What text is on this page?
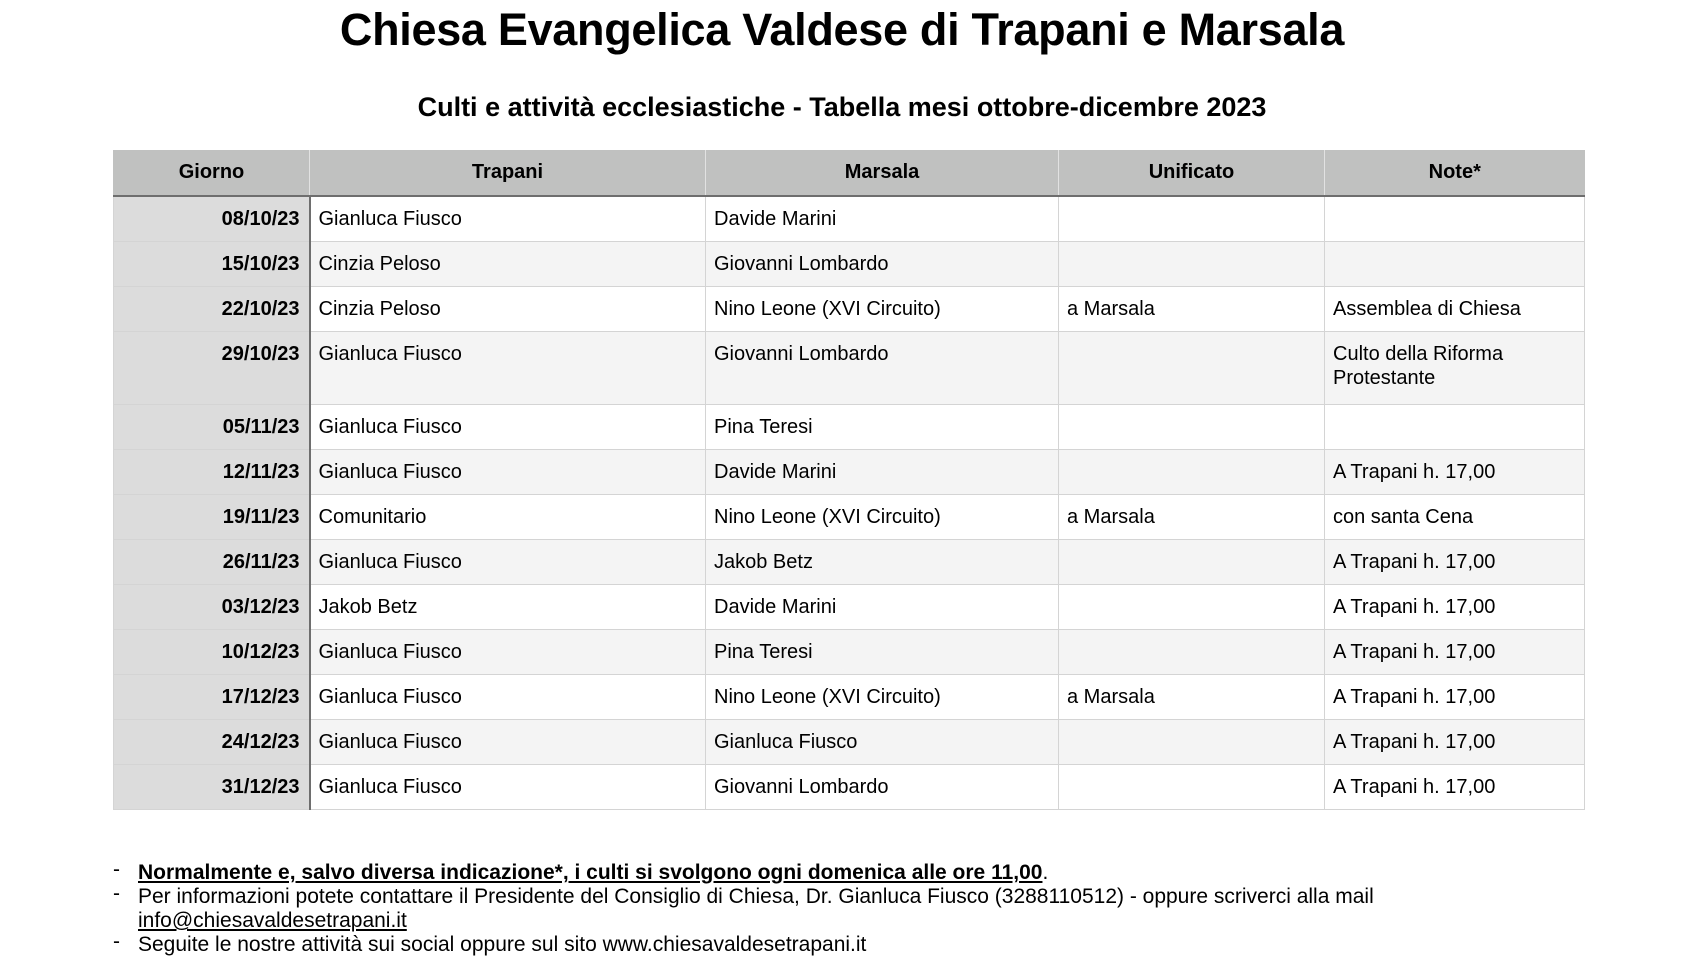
Chiesa Evangelica Valdese di Trapani e Marsala
Culti e attività ecclesiastiche - Tabella mesi ottobre-dicembre 2023
Giorno	Trapani	Marsala	Unificato	Note*
08/10/23	Gianluca Fiusco	Davide Marini		
15/10/23	Cinzia Peloso	Giovanni Lombardo		
22/10/23	Cinzia Peloso	Nino Leone (XVI Circuito)	a Marsala	Assemblea di Chiesa
29/10/23	Gianluca Fiusco	Giovanni Lombardo		Culto della Riforma Protestante
05/11/23	Gianluca Fiusco	Pina Teresi		
12/11/23	Gianluca Fiusco	Davide Marini		A Trapani h. 17,00
19/11/23	Comunitario	Nino Leone (XVI Circuito)	a Marsala	con santa Cena
26/11/23	Gianluca Fiusco	Jakob Betz		A Trapani h. 17,00
03/12/23	Jakob Betz	Davide Marini		A Trapani h. 17,00
10/12/23	Gianluca Fiusco	Pina Teresi		A Trapani h. 17,00
17/12/23	Gianluca Fiusco	Nino Leone (XVI Circuito)	a Marsala	A Trapani h. 17,00
24/12/23	Gianluca Fiusco	Gianluca Fiusco		A Trapani h. 17,00
31/12/23	Gianluca Fiusco	Giovanni Lombardo		A Trapani h. 17,00
- Normalmente e, salvo diversa indicazione*, i culti si svolgono ogni domenica alle ore 11,00.
- Per informazioni potete contattare il Presidente del Consiglio di Chiesa, Dr. Gianluca Fiusco (3288110512) - oppure scriverci alla mail
info@chiesavaldesetrapani.it
- Seguite le nostre attività sui social oppure sul sito www.chiesavaldesetrapani.it
